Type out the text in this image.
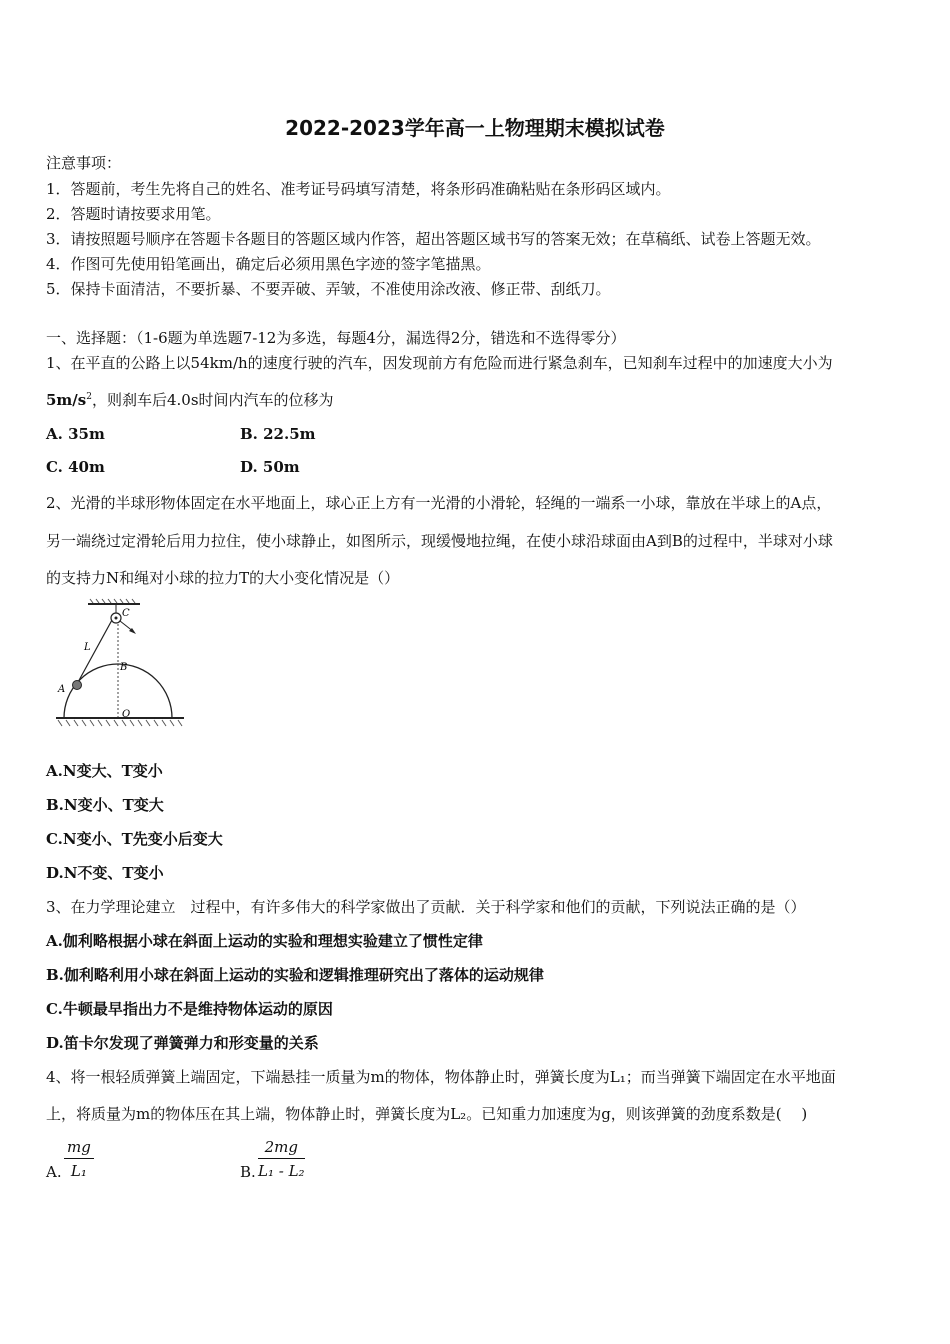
2022-2023学年高一上物理期末模拟试卷
注意事项：
1．答题前，考生先将自己的姓名、准考证号码填写清楚，将条形码准确粘贴在条形码区域内。
2．答题时请按要求用笔。
3．请按照题号顺序在答题卡各题目的答题区域内作答，超出答题区域书写的答案无效；在草稿纸、试卷上答题无效。
4．作图可先使用铅笔画出，确定后必须用黑色字迹的签字笔描黑。
5．保持卡面清洁，不要折暴、不要弄破、弄皱，不准使用涂改液、修正带、刮纸刀。
一、选择题：（1-6题为单选题7-12为多选，每题4分，漏选得2分，错选和不选得零分）
1、在平直的公路上以54km/h的速度行驶的汽车，因发现前方有危险而进行紧急刹车，已知刹车过程中的加速度大小为
$5m/s^2$，则刹车后4.0s时间内汽车的位移为
A. 35m	B. 22.5m
C. 40m	D. 50m
2、光滑的半球形物体固定在水平地面上，球心正上方有一光滑的小滑轮，轻绳的一端系一小球，靠放在半球上的A点，
另一端绕过定滑轮后用力拉住，使小球静止，如图所示，现缓慢地拉绳，在使小球沿球面由A到B的过程中，半球对小球
的支持力N和绳对小球的拉力T的大小变化情况是（）
C
L
B
A
O
A.N变大、T变小
B.N变小、T变大
C.N变小、T先变小后变大
D.N不变、T变小
3、在力学理论建立　过程中，有许多伟大的科学家做出了贡献．关于科学家和他们的贡献，下列说法正确的是（）
A.伽利略根据小球在斜面上运动的实验和理想实验建立了惯性定律
B.伽利略利用小球在斜面上运动的实验和逻辑推理研究出了落体的运动规律
C.牛顿最早指出力不是维持物体运动的原因
D.笛卡尔发现了弹簧弹力和形变量的关系
4、将一根轻质弹簧上端固定，下端悬挂一质量为m的物体，物体静止时，弹簧长度为L₁；而当弹簧下端固定在水平地面
上，将质量为m的物体压在其上端，物体静止时，弹簧长度为L₂。已知重力加速度为g，则该弹簧的劲度系数是(　 )
A. $\frac{mg}{\text{L₁}}$	B. $\frac{2mg}{\text{L₁ - L₂}}$
